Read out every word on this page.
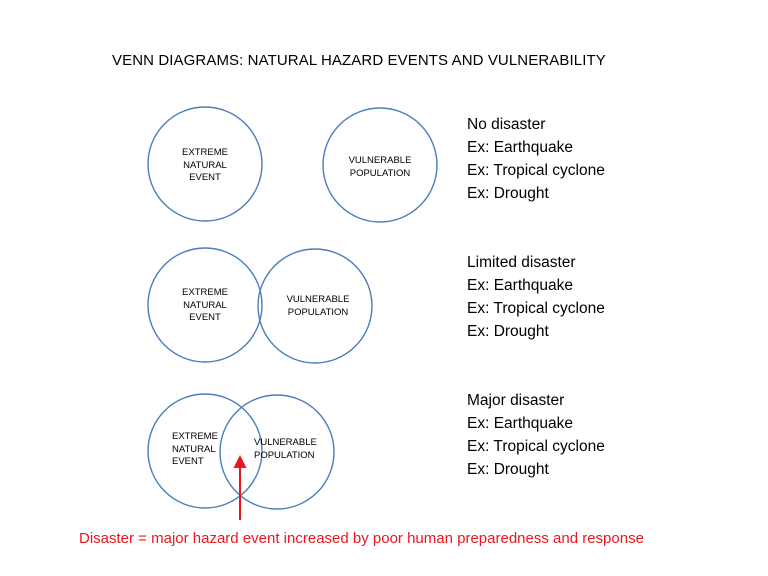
VENN DIAGRAMS: NATURAL HAZARD EVENTS AND VULNERABILITY
EXTREME
NATURAL
EVENT
VULNERABLE
POPULATION
EXTREME
NATURAL
EVENT
VULNERABLE
POPULATION
EXTREME
NATURAL
EVENT
VULNERABLE
POPULATION
No disaster
Ex: Earthquake
Ex: Tropical cyclone
Ex: Drought
Limited disaster
Ex: Earthquake
Ex: Tropical cyclone
Ex: Drought
Major disaster
Ex: Earthquake
Ex: Tropical cyclone
Ex: Drought
Disaster = major hazard event increased by poor human preparedness and response
